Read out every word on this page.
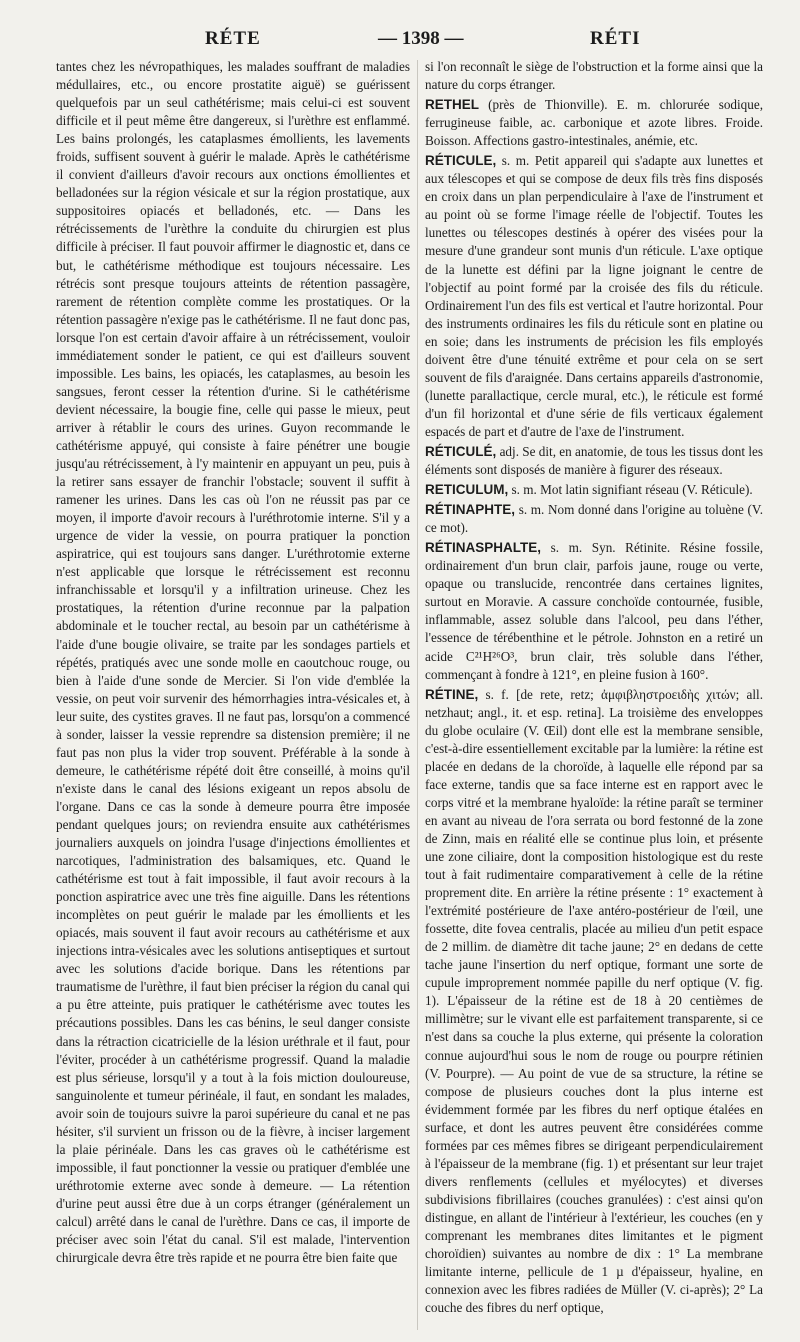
RÉTE	— 1398 —	RÉTI

tantes chez les névropathiques, les malades souffrant de maladies médullaires, etc., ou encore prostatite aiguë) se guérissent quelquefois par un seul cathétérisme; mais celui-ci est souvent difficile et il peut même être dangereux, si l'urèthre est enflammé. Les bains prolongés, les cataplasmes émollients, les lavements froids, suffisent souvent à guérir le malade. Après le cathétérisme il convient d'ailleurs d'avoir recours aux onctions émollientes et belladonées sur la région vésicale et sur la région prostatique, aux suppositoires opiacés et belladonés, etc. — Dans les rétrécissements de l'urèthre la conduite du chirurgien est plus difficile à préciser. Il faut pouvoir affirmer le diagnostic et, dans ce but, le cathétérisme méthodique est toujours nécessaire. Les rétrécis sont presque toujours atteints de rétention passagère, rarement de rétention complète comme les prostatiques. Or la rétention passagère n'exige pas le cathétérisme. Il ne faut donc pas, lorsque l'on est certain d'avoir affaire à un rétrécissement, vouloir immédiatement sonder le patient, ce qui est d'ailleurs souvent impossible. Les bains, les opiacés, les cataplasmes, au besoin les sangsues, feront cesser la rétention d'urine. Si le cathétérisme devient nécessaire, la bougie fine, celle qui passe le mieux, peut arriver à rétablir le cours des urines. Guyon recommande le cathétérisme appuyé, qui consiste à faire pénétrer une bougie jusqu'au rétrécissement, à l'y maintenir en appuyant un peu, puis à la retirer sans essayer de franchir l'obstacle; souvent il suffit à ramener les urines. Dans les cas où l'on ne réussit pas par ce moyen, il importe d'avoir recours à l'uréthrotomie interne. S'il y a urgence de vider la vessie, on pourra pratiquer la ponction aspiratrice, qui est toujours sans danger. L'uréthrotomie externe n'est applicable que lorsque le rétrécissement est reconnu infranchissable et lorsqu'il y a infiltration urineuse. Chez les prostatiques, la rétention d'urine reconnue par la palpation abdominale et le toucher rectal, au besoin par un cathétérisme à l'aide d'une bougie olivaire, se traite par les sondages partiels et répétés, pratiqués avec une sonde molle en caoutchouc rouge, ou bien à l'aide d'une sonde de Mercier. Si l'on vide d'emblée la vessie, on peut voir survenir des hémorrhagies intra-vésicales et, à leur suite, des cystites graves. Il ne faut pas, lorsqu'on a commencé à sonder, laisser la vessie reprendre sa distension première; il ne faut pas non plus la vider trop souvent. Préférable à la sonde à demeure, le cathétérisme répété doit être conseillé, à moins qu'il n'existe dans le canal des lésions exigeant un repos absolu de l'organe. Dans ce cas la sonde à demeure pourra être imposée pendant quelques jours; on reviendra ensuite aux cathétérismes journaliers auxquels on joindra l'usage d'injections émollientes et narcotiques, l'administration des balsamiques, etc. Quand le cathétérisme est tout à fait impossible, il faut avoir recours à la ponction aspiratrice avec une très fine aiguille. Dans les rétentions incomplètes on peut guérir le malade par les émollients et les opiacés, mais souvent il faut avoir recours au cathétérisme et aux injections intra-vésicales avec les solutions antiseptiques et surtout avec les solutions d'acide borique. Dans les rétentions par traumatisme de l'urèthre, il faut bien préciser la région du canal qui a pu être atteinte, puis pratiquer le cathétérisme avec toutes les précautions possibles. Dans les cas bénins, le seul danger consiste dans la rétraction cicatricielle de la lésion uréthrale et il faut, pour l'éviter, procéder à un cathétérisme progressif. Quand la maladie est plus sérieuse, lorsqu'il y a tout à la fois miction douloureuse, sanguinolente et tumeur périnéale, il faut, en sondant les malades, avoir soin de toujours suivre la paroi supérieure du canal et ne pas hésiter, s'il survient un frisson ou de la fièvre, à inciser largement la plaie périnéale. Dans les cas graves où le cathétérisme est impossible, il faut ponctionner la vessie ou pratiquer d'emblée une uréthrotomie externe avec sonde à demeure. — La rétention d'urine peut aussi être due à un corps étranger (généralement un calcul) arrêté dans le canal de l'urèthre. Dans ce cas, il importe de préciser avec soin l'état du canal. S'il est malade, l'intervention chirurgicale devra être très rapide et ne pourra être bien faite que

si l'on reconnaît le siège de l'obstruction et la forme ainsi que la nature du corps étranger.

RETHEL (près de Thionville). E. m. chlorurée sodique, ferrugineuse faible, ac. carbonique et azote libres. Froide. Boisson. Affections gastro-intestinales, anémie, etc.

RÉTICULE, s. m. Petit appareil qui s'adapte aux lunettes et aux télescopes et qui se compose de deux fils très fins disposés en croix dans un plan perpendiculaire à l'axe de l'instrument et au point où se forme l'image réelle de l'objectif. Toutes les lunettes ou télescopes destinés à opérer des visées pour la mesure d'une grandeur sont munis d'un réticule. L'axe optique de la lunette est défini par la ligne joignant le centre de l'objectif au point formé par la croisée des fils du réticule. Ordinairement l'un des fils est vertical et l'autre horizontal. Pour des instruments ordinaires les fils du réticule sont en platine ou en soie; dans les instruments de précision les fils employés doivent être d'une ténuité extrême et pour cela on se sert souvent de fils d'araignée. Dans certains appareils d'astronomie, (lunette parallactique, cercle mural, etc.), le réticule est formé d'un fil horizontal et d'une série de fils verticaux également espacés de part et d'autre de l'axe de l'instrument.

RÉTICULÉ, adj. Se dit, en anatomie, de tous les tissus dont les éléments sont disposés de manière à figurer des réseaux.

RETICULUM, s. m. Mot latin signifiant réseau (V. Réticule).

RÉTINAPHTE, s. m. Nom donné dans l'origine au toluène (V. ce mot).

RÉTINASPHALTE, s. m. Syn. Rétinite. Résine fossile, ordinairement d'un brun clair, parfois jaune, rouge ou verte, opaque ou translucide, rencontrée dans certaines lignites, surtout en Moravie. A cassure conchoïde contournée, fusible, inflammable, assez soluble dans l'alcool, peu dans l'éther, l'essence de térébenthine et le pétrole. Johnston en a retiré un acide C²¹H²⁶O³, brun clair, très soluble dans l'éther, commençant à fondre à 121°, en pleine fusion à 160°.

RÉTINE, s. f. [de rete, retz; ἀμφιβληστροειδὴς χιτών; all. netzhaut; angl., it. et esp. retina]. La troisième des enveloppes du globe oculaire (V. Œil) dont elle est la membrane sensible, c'est-à-dire essentiellement excitable par la lumière: la rétine est placée en dedans de la choroïde, à laquelle elle répond par sa face externe, tandis que sa face interne est en rapport avec le corps vitré et la membrane hyaloïde: la rétine paraît se terminer en avant au niveau de l'ora serrata ou bord festonné de la zone de Zinn, mais en réalité elle se continue plus loin, et présente une zone ciliaire, dont la composition histologique est du reste tout à fait rudimentaire comparativement à celle de la rétine proprement dite. En arrière la rétine présente : 1° exactement à l'extrémité postérieure de l'axe antéro-postérieur de l'œil, une fossette, dite fovea centralis, placée au milieu d'un petit espace de 2 millim. de diamètre dit tache jaune; 2° en dedans de cette tache jaune l'insertion du nerf optique, formant une sorte de cupule improprement nommée papille du nerf optique (V. fig. 1). L'épaisseur de la rétine est de 18 à 20 centièmes de millimètre; sur le vivant elle est parfaitement transparente, si ce n'est dans sa couche la plus externe, qui présente la coloration connue aujourd'hui sous le nom de rouge ou pourpre rétinien (V. Pourpre). — Au point de vue de sa structure, la rétine se compose de plusieurs couches dont la plus interne est évidemment formée par les fibres du nerf optique étalées en surface, et dont les autres peuvent être considérées comme formées par ces mêmes fibres se dirigeant perpendiculairement à l'épaisseur de la membrane (fig. 1) et présentant sur leur trajet divers renflements (cellules et myélocytes) et diverses subdivisions fibrillaires (couches granulées) : c'est ainsi qu'on distingue, en allant de l'intérieur à l'extérieur, les couches (en y comprenant les membranes dites limitantes et le pigment choroïdien) suivantes au nombre de dix : 1° La membrane limitante interne, pellicule de 1 µ d'épaisseur, hyaline, en connexion avec les fibres radiées de Müller (V. ci-après); 2° La couche des fibres du nerf optique,
